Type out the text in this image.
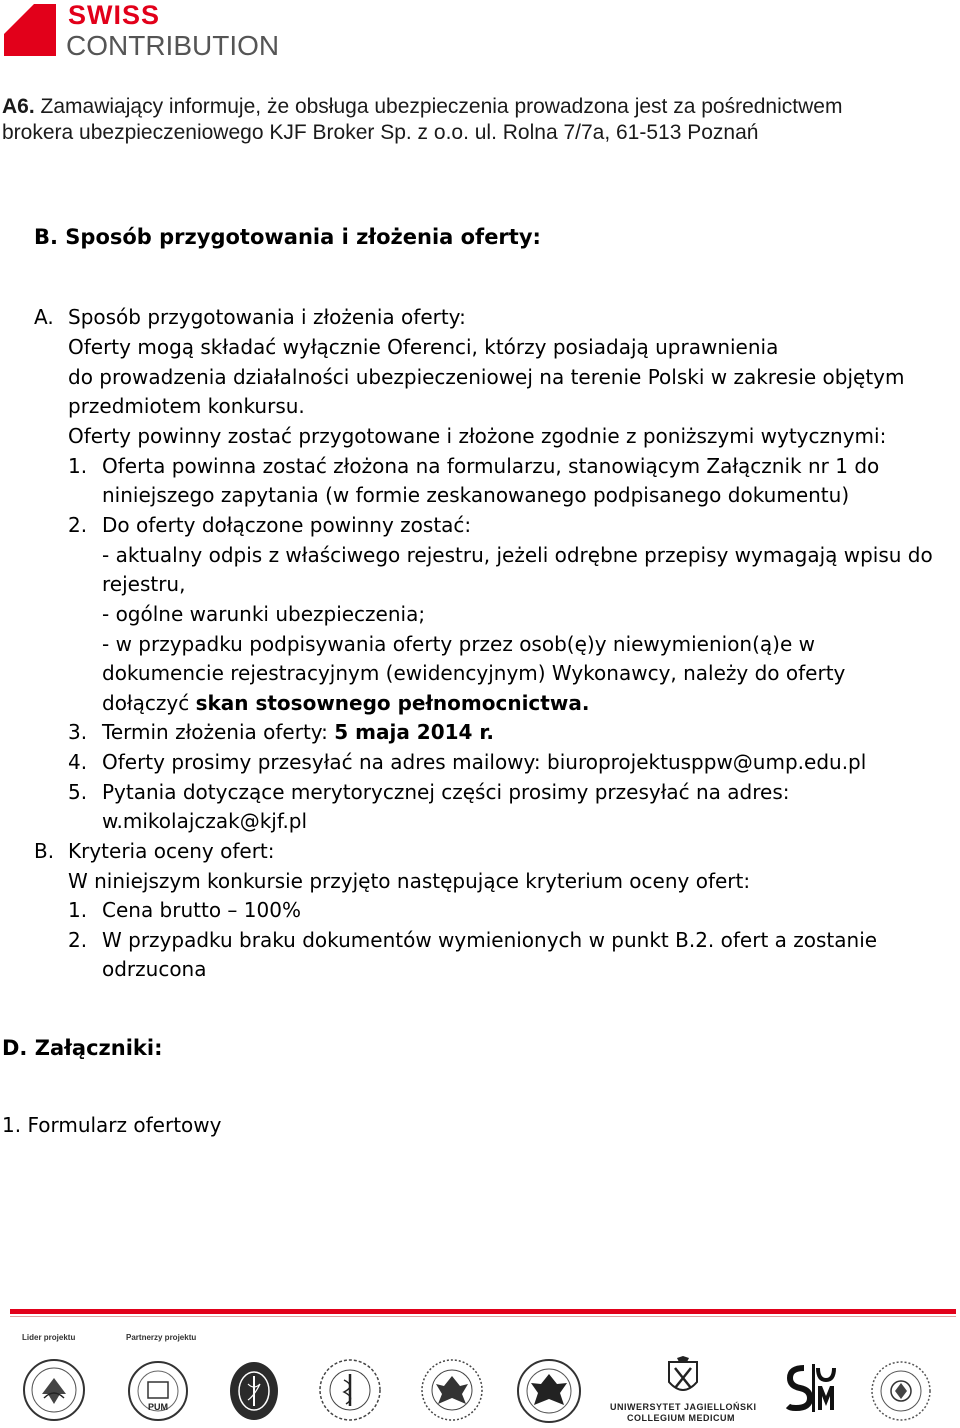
SWISS
CONTRIBUTION
A6. Zamawiający informuje, że obsługa ubezpieczenia prowadzona jest za pośrednictwem
brokera ubezpieczeniowego KJF Broker Sp. z o.o. ul. Rolna 7/7a, 61-513 Poznań
B. Sposób przygotowania i złożenia oferty:
A. Sposób przygotowania i złożenia oferty:
Oferty mogą składać wyłącznie Oferenci, którzy posiadają uprawnienia
do prowadzenia działalności ubezpieczeniowej na terenie Polski w zakresie objętym
przedmiotem konkursu.
Oferty powinny zostać przygotowane i złożone zgodnie z poniższymi wytycznymi:
1. Oferta powinna zostać złożona na formularzu, stanowiącym Załącznik nr 1 do
niniejszego zapytania (w formie zeskanowanego podpisanego dokumentu)
2. Do oferty dołączone powinny zostać:
- aktualny odpis z właściwego rejestru, jeżeli odrębne przepisy wymagają wpisu do
rejestru,
- ogólne warunki ubezpieczenia;
- w przypadku podpisywania oferty przez osob(ę)y niewymienion(ą)e w
dokumencie rejestracyjnym (ewidencyjnym) Wykonawcy, należy do oferty
dołączyć skan stosownego pełnomocnictwa.
3. Termin złożenia oferty: 5 maja 2014 r.
4. Oferty prosimy przesyłać na adres mailowy: biuroprojektusppw@ump.edu.pl
5. Pytania dotyczące merytorycznej części prosimy przesyłać na adres:
w.mikolajczak@kjf.pl
B. Kryteria oceny ofert:
W niniejszym konkursie przyjęto następujące kryterium oceny ofert:
1. Cena brutto – 100%
2. W przypadku braku dokumentów wymienionych w punkt B.2. ofert a zostanie
odrzucona
D. Załączniki:
1. Formularz ofertowy
Lider projektu	Partnerzy projektu
PUM	UNIWERSYTET JAGIELLOŃSKI
COLLEGIUM MEDICUM
